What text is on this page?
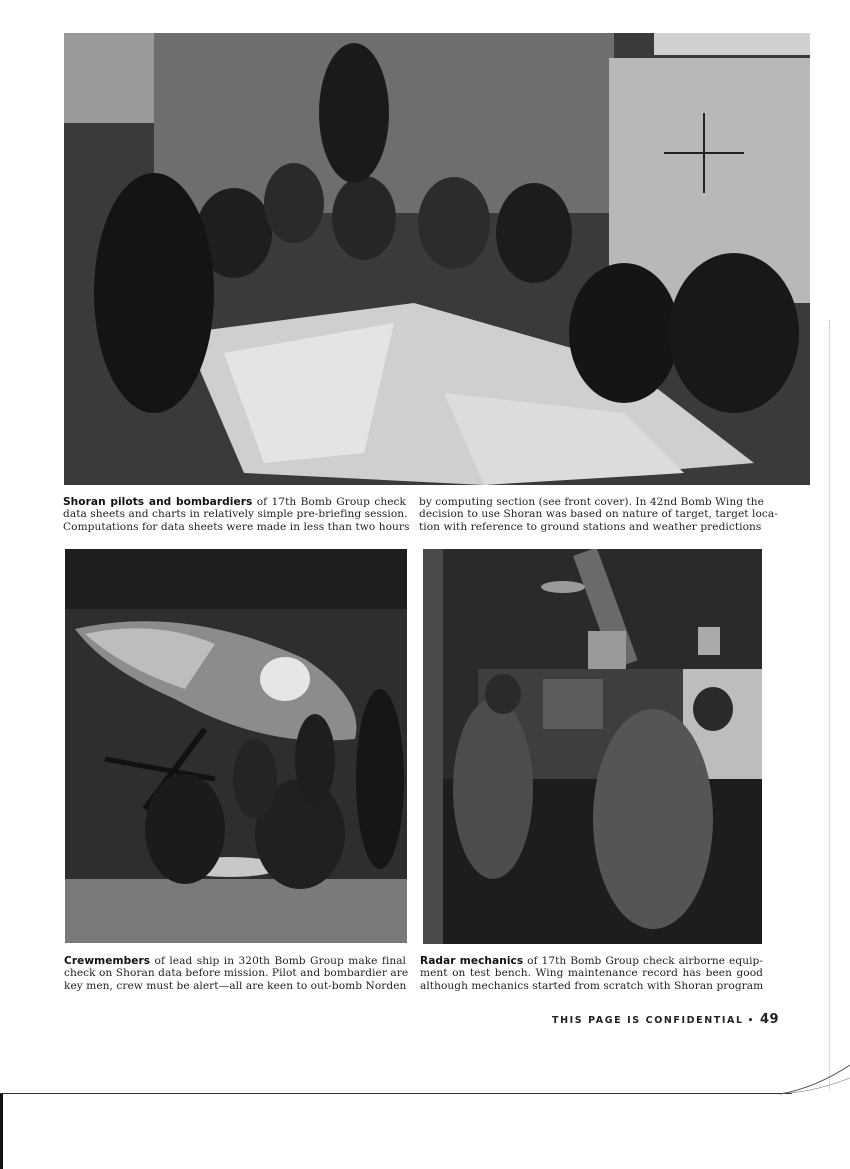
Shoran pilots and bombardiers of 17th Bomb Group check
data sheets and charts in relatively simple pre-briefing session.
Computations for data sheets were made in less than two hours
by computing section (see front cover). In 42nd Bomb Wing the
decision to use Shoran was based on nature of target, target loca-
tion with reference to ground stations and weather predictions
Crewmembers of lead ship in 320th Bomb Group make final
check on Shoran data before mission. Pilot and bombardier are
key men, crew must be alert—all are keen to out-bomb Norden
Radar mechanics of 17th Bomb Group check airborne equip-
ment on test bench. Wing maintenance record has been good
although mechanics started from scratch with Shoran program
THIS PAGE IS CONFIDENTIAL • 49
